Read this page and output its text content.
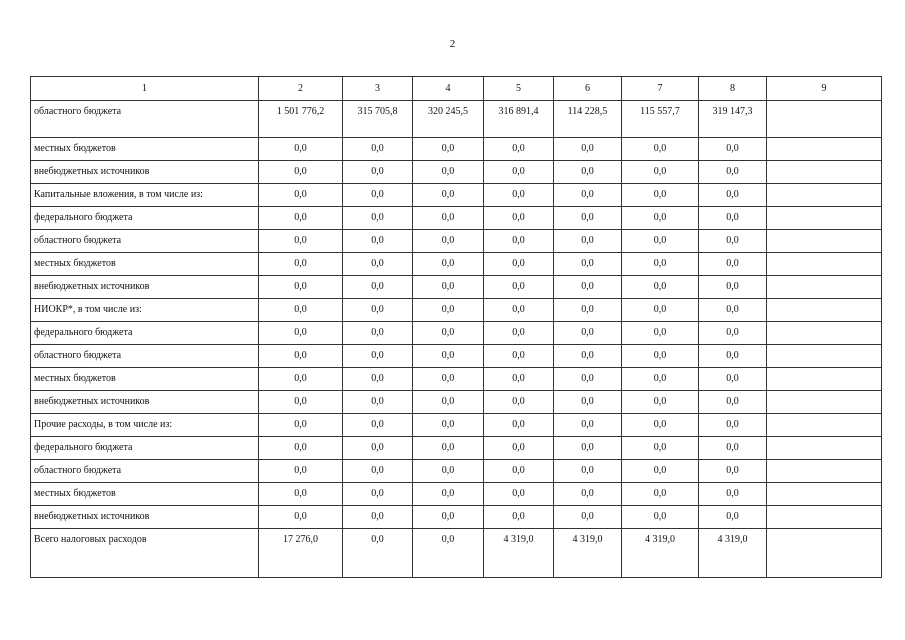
2
1	2	3	4	5	6	7	8	9
областного бюджета	1 501 776,2	315 705,8	320 245,5	316 891,4	114 228,5	115 557,7	319 147,3	
местных бюджетов	0,0	0,0	0,0	0,0	0,0	0,0	0,0	
внебюджетных источников	0,0	0,0	0,0	0,0	0,0	0,0	0,0	
Капитальные вложения, в том числе из:	0,0	0,0	0,0	0,0	0,0	0,0	0,0	
федерального бюджета	0,0	0,0	0,0	0,0	0,0	0,0	0,0	
областного бюджета	0,0	0,0	0,0	0,0	0,0	0,0	0,0	
местных бюджетов	0,0	0,0	0,0	0,0	0,0	0,0	0,0	
внебюджетных источников	0,0	0,0	0,0	0,0	0,0	0,0	0,0	
НИОКР*, в том числе из:	0,0	0,0	0,0	0,0	0,0	0,0	0,0	
федерального бюджета	0,0	0,0	0,0	0,0	0,0	0,0	0,0	
областного бюджета	0,0	0,0	0,0	0,0	0,0	0,0	0,0	
местных бюджетов	0,0	0,0	0,0	0,0	0,0	0,0	0,0	
внебюджетных источников	0,0	0,0	0,0	0,0	0,0	0,0	0,0	
Прочие расходы, в том числе из:	0,0	0,0	0,0	0,0	0,0	0,0	0,0	
федерального бюджета	0,0	0,0	0,0	0,0	0,0	0,0	0,0	
областного бюджета	0,0	0,0	0,0	0,0	0,0	0,0	0,0	
местных бюджетов	0,0	0,0	0,0	0,0	0,0	0,0	0,0	
внебюджетных источников	0,0	0,0	0,0	0,0	0,0	0,0	0,0	
Всего налоговых расходов	17 276,0	0,0	0,0	4 319,0	4 319,0	4 319,0	4 319,0	
